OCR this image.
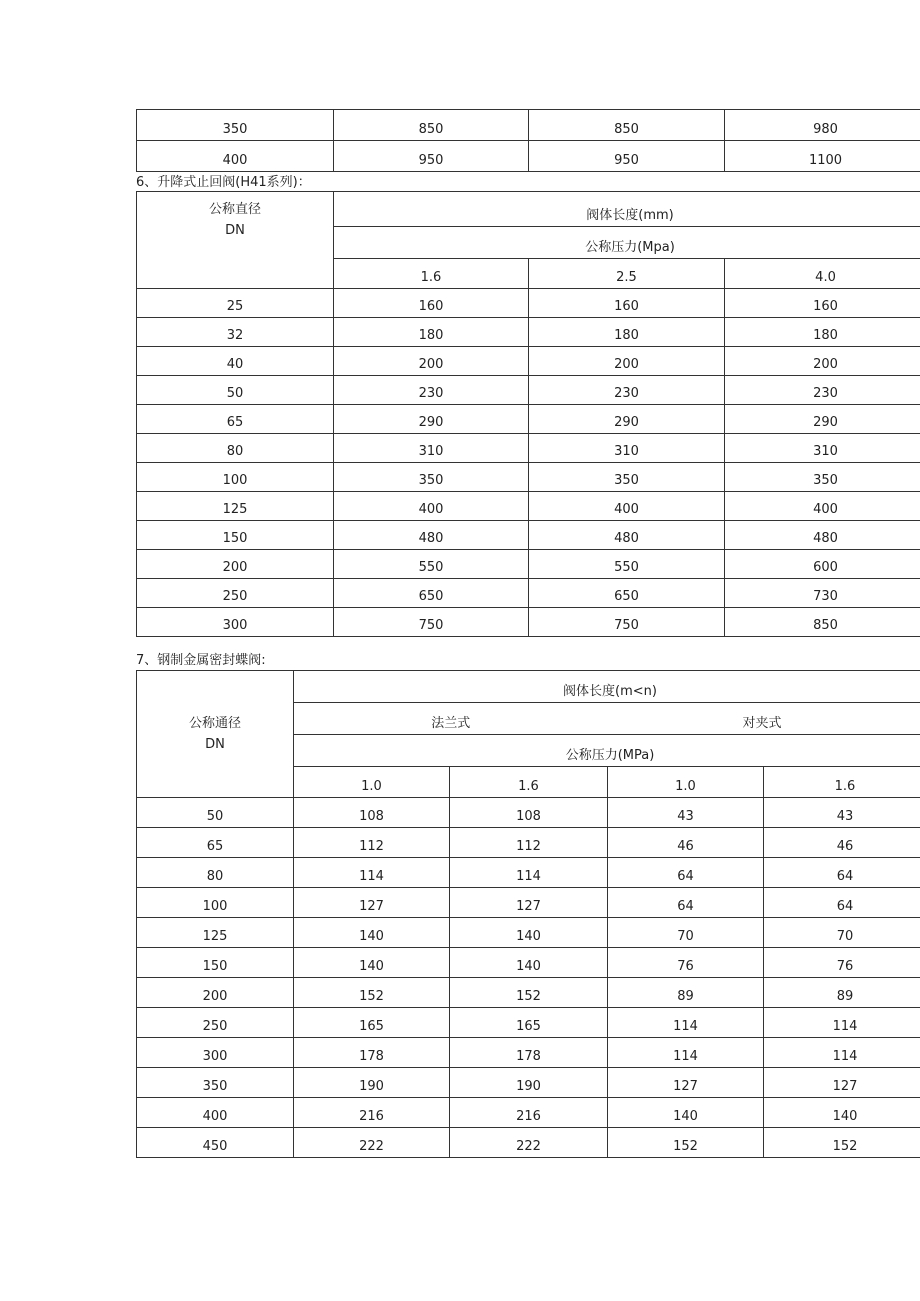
350	850	850	980
400	950	950	1100
6、升降式止回阀(H41系列)：
公称直径
DN	阀体长度(mm)		
	公称压力(Mpa)		
	1.6	2.5	4.0
25	160	160	160
32	180	180	180
40	200	200	200
50	230	230	230
65	290	290	290
80	310	310	310
100	350	350	350
125	400	400	400
150	480	480	480
200	550	550	600
250	650	650	730
300	750	750	850
7、钢制金属密封蝶阀:
公称通径
DN	阀体长度(m<n)			
	法兰式		对夹式	
	公称压力(MPa)			
	1.0	1.6	1.0	1.6
50	108	108	43	43
65	112	112	46	46
80	114	114	64	64
100	127	127	64	64
125	140	140	70	70
150	140	140	76	76
200	152	152	89	89
250	165	165	114	114
300	178	178	114	114
350	190	190	127	127
400	216	216	140	140
450	222	222	152	152
